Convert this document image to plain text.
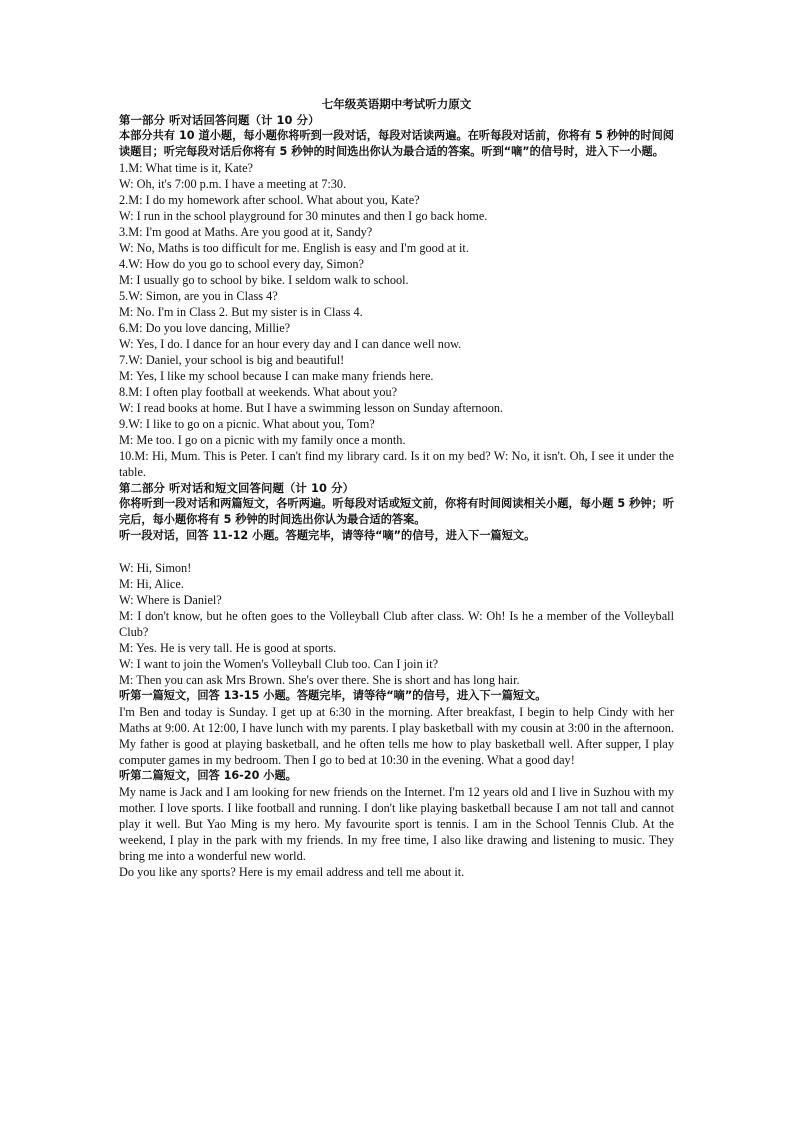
七年级英语期中考试听力原文

第一部分 听对话回答问题（计 10 分）

本部分共有 10 道小题，每小题你将听到一段对话，每段对话读两遍。在听每段对话前，你将有 5 秒钟的时间阅读题目；听完每段对话后你将有 5 秒钟的时间选出你认为最合适的答案。听到“嘀”的信号时，进入下一小题。

1.M: What time is it, Kate?

W: Oh, it's 7:00 p.m. I have a meeting at 7:30.

2.M: I do my homework after school. What about you, Kate?

W: I run in the school playground for 30 minutes and then I go back home.

3.M: I'm good at Maths. Are you good at it, Sandy?

W: No, Maths is too difficult for me. English is easy and I'm good at it.

4.W: How do you go to school every day, Simon?

M: I usually go to school by bike. I seldom walk to school.

5.W: Simon, are you in Class 4?

M: No. I'm in Class 2. But my sister is in Class 4.

6.M: Do you love dancing, Millie?

W: Yes, I do. I dance for an hour every day and I can dance well now.

7.W: Daniel, your school is big and beautiful!

M: Yes, I like my school because I can make many friends here.

8.M: I often play football at weekends. What about you?

W: I read books at home. But I have a swimming lesson on Sunday afternoon.

9.W: I like to go on a picnic. What about you, Tom?

M: Me too. I go on a picnic with my family once a month.

10.M: Hi, Mum. This is Peter. I can't find my library card. Is it on my bed? W: No, it isn't. Oh, I see it under the table.

第二部分 听对话和短文回答问题（计 10 分）

你将听到一段对话和两篇短文，各听两遍。听每段对话或短文前，你将有时间阅读相关小题，每小题 5 秒钟；听完后，每小题你将有 5 秒钟的时间选出你认为最合适的答案。

听一段对话，回答 11-12 小题。答题完毕，请等待“嘀”的信号，进入下一篇短文。

W: Hi, Simon!

M: Hi, Alice.

W: Where is Daniel?

M: I don't know, but he often goes to the Volleyball Club after class. W: Oh! Is he a member of the Volleyball Club?

M: Yes. He is very tall. He is good at sports.

W: I want to join the Women's Volleyball Club too. Can I join it?

M: Then you can ask Mrs Brown. She's over there. She is short and has long hair.

听第一篇短文，回答 13-15 小题。答题完毕，请等待“嘀”的信号，进入下一篇短文。

I'm Ben and today is Sunday. I get up at 6:30 in the morning. After breakfast, I begin to help Cindy with her Maths at 9:00. At 12:00, I have lunch with my parents. I play basketball with my cousin at 3:00 in the afternoon. My father is good at playing basketball, and he often tells me how to play basketball well. After supper, I play computer games in my bedroom. Then I go to bed at 10:30 in the evening. What a good day!

听第二篇短文，回答 16-20 小题。

My name is Jack and I am looking for new friends on the Internet. I'm 12 years old and I live in Suzhou with my mother. I love sports. I like football and running. I don't like playing basketball because I am not tall and cannot play it well. But Yao Ming is my hero. My favourite sport is tennis. I am in the School Tennis Club. At the weekend, I play in the park with my friends. In my free time, I also like drawing and listening to music. They bring me into a wonderful new world.

Do you like any sports? Here is my email address and tell me about it.
